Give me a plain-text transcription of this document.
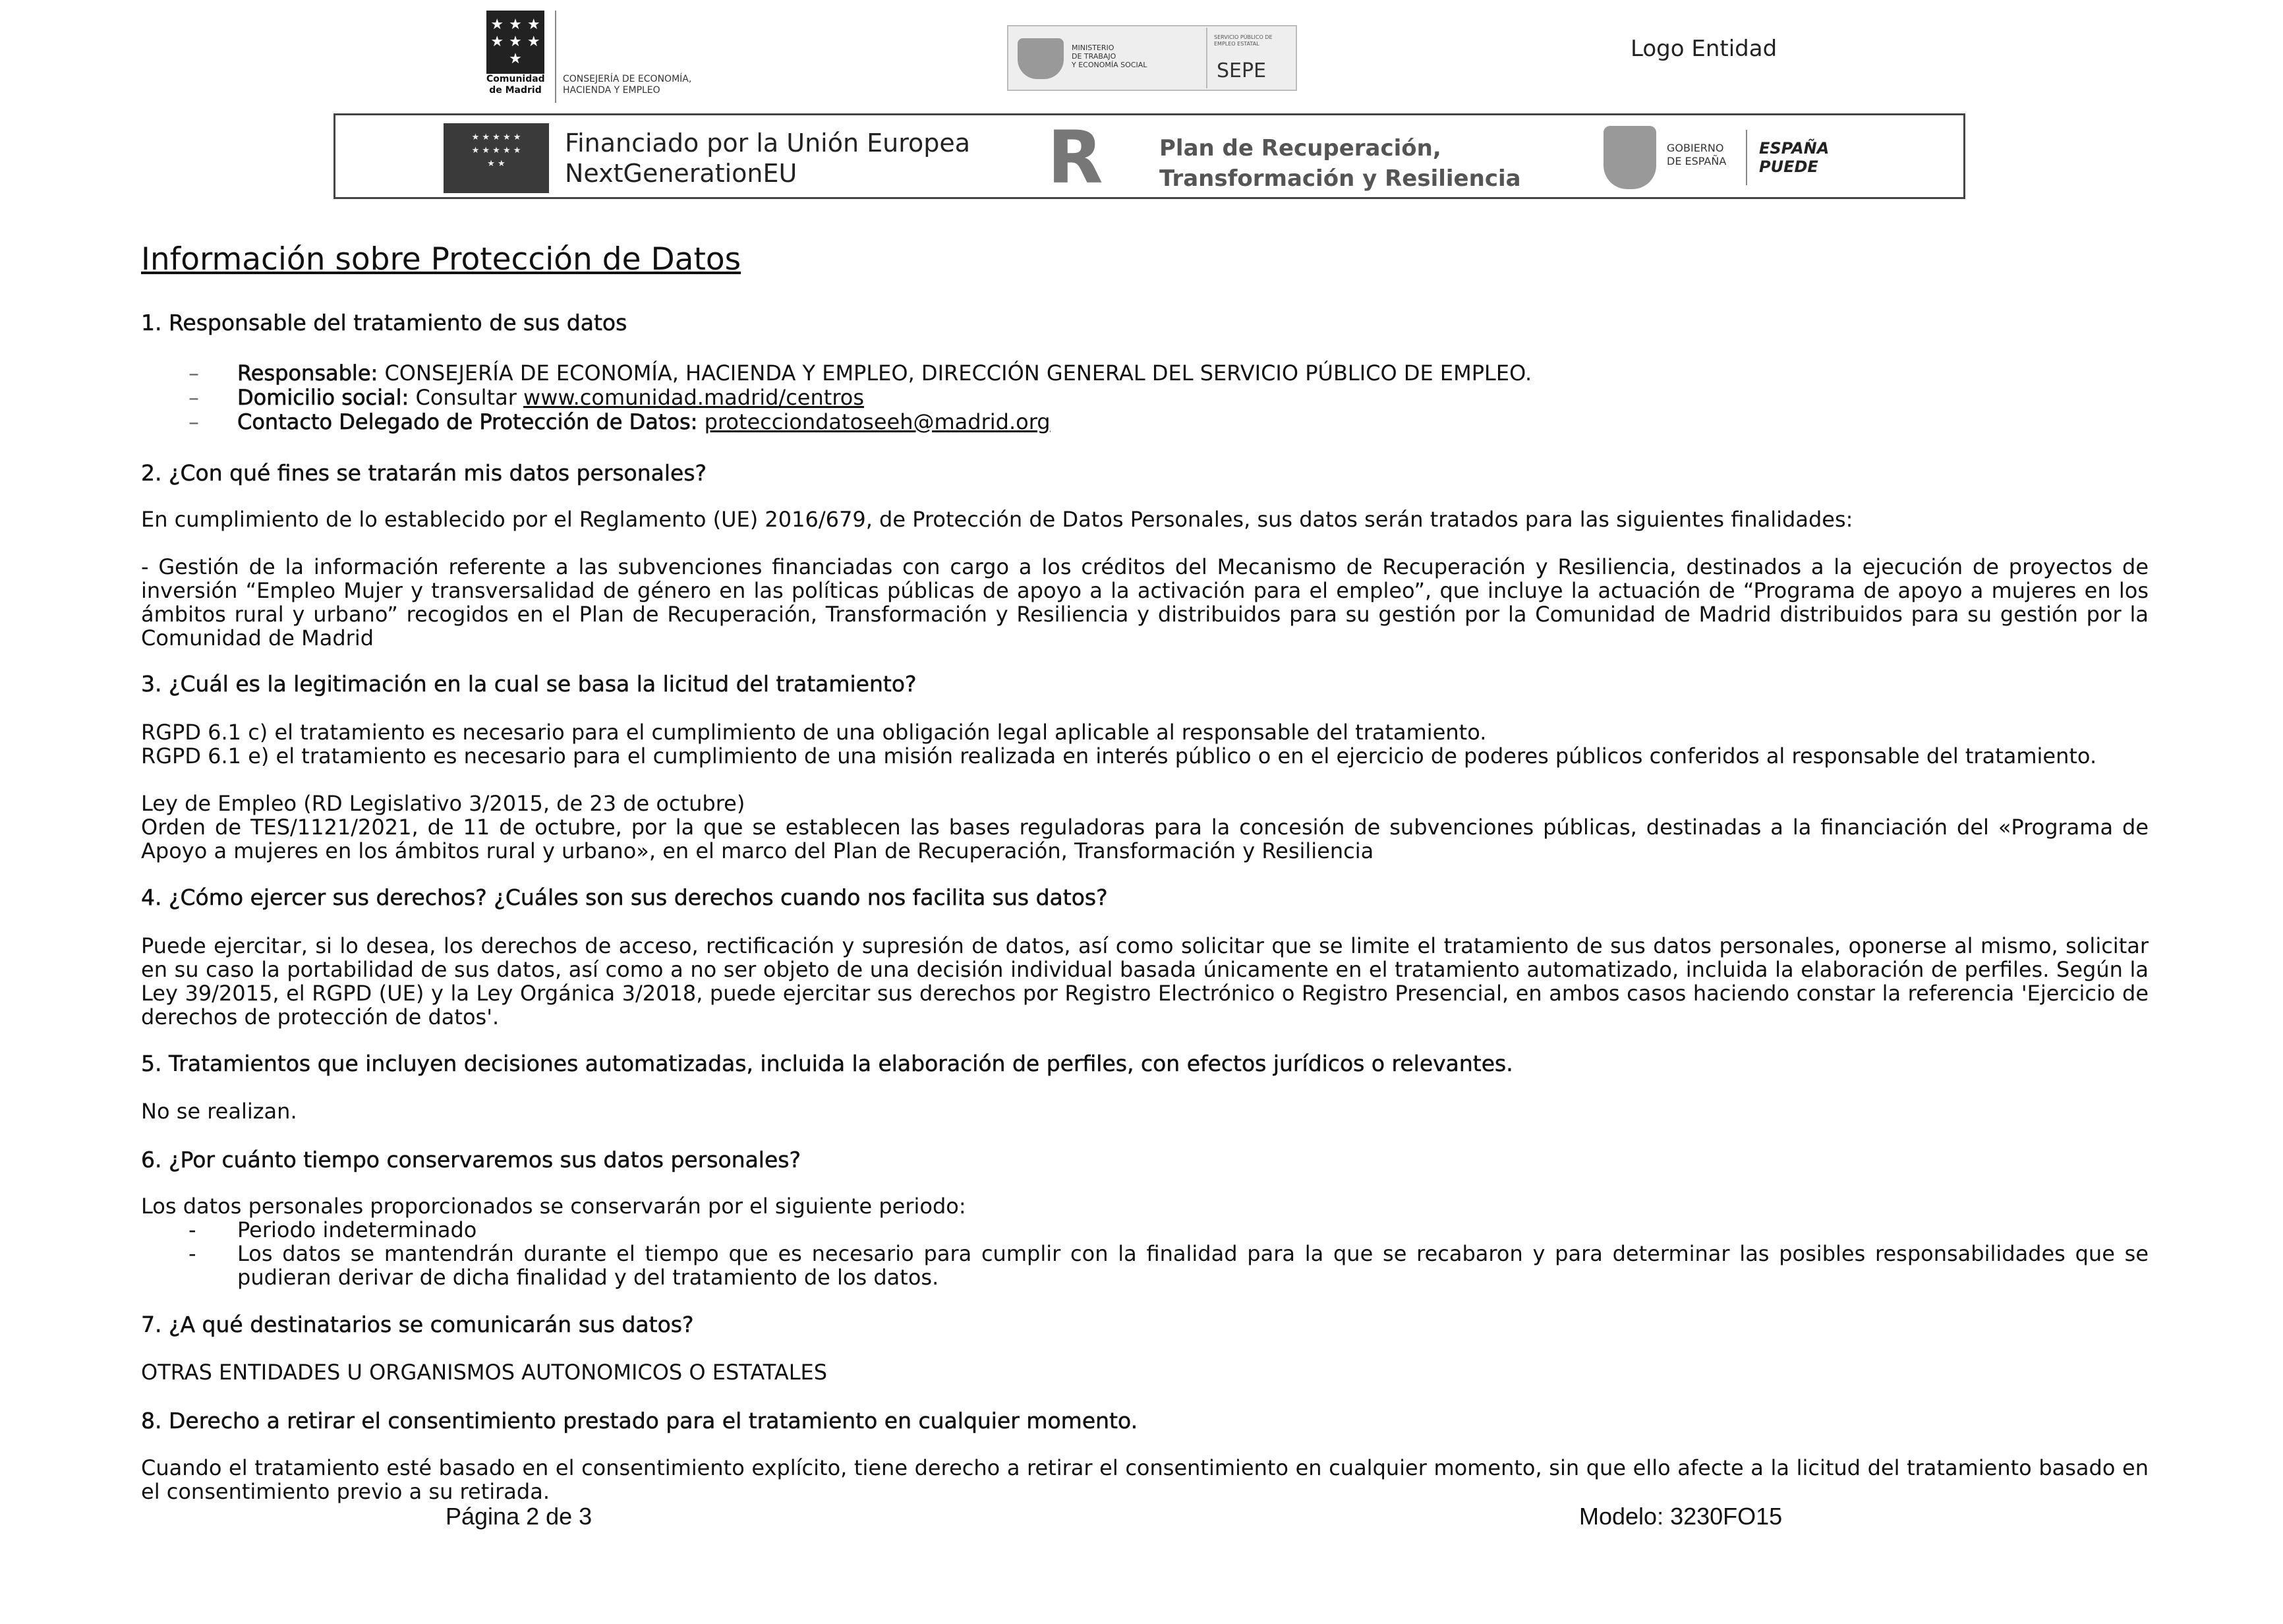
★ ★ ★
★ ★ ★
★

Comunidad
de Madrid

CONSEJERÍA DE ECONOMÍA,
HACIENDA Y EMPLEO

MINISTERIO
DE TRABAJO
Y ECONOMÍA SOCIAL

SERVICIO PÚBLICO DE EMPLEO ESTATAL

SEPE

Logo Entidad

★ ★ ★ ★ ★ ★ ★ ★ ★ ★ ★ ★

Financiado por la Unión Europea

NextGenerationEU	R	Plan de Recuperación,

Transformación y Resiliencia

GOBIERNO
DE ESPAÑA

ESPAÑA
PUEDE

Información sobre Protección de Datos
1. Responsable del tratamiento de sus datos
– Responsable: CONSEJERÍA DE ECONOMÍA, HACIENDA Y EMPLEO, DIRECCIÓN GENERAL DEL SERVICIO PÚBLICO DE EMPLEO.
– Domicilio social: Consultar www.comunidad.madrid/centros
– Contacto Delegado de Protección de Datos: protecciondatoseeh@madrid.org
2. ¿Con qué fines se tratarán mis datos personales?

En cumplimiento de lo establecido por el Reglamento (UE) 2016/679, de Protección de Datos Personales, sus datos serán tratados para las siguientes finalidades:

- Gestión de la información referente a las subvenciones financiadas con cargo a los créditos del Mecanismo de Recuperación y Resiliencia, destinados a la ejecución de proyectos de inversión “Empleo Mujer y transversalidad de género en las políticas públicas de apoyo a la activación para el empleo”, que incluye la actuación de “Programa de apoyo a mujeres en los ámbitos rural y urbano” recogidos en el Plan de Recuperación, Transformación y Resiliencia y distribuidos para su gestión por la Comunidad de Madrid distribuidos para su gestión por la Comunidad de Madrid

3. ¿Cuál es la legitimación en la cual se basa la licitud del tratamiento?

RGPD 6.1 c) el tratamiento es necesario para el cumplimiento de una obligación legal aplicable al responsable del tratamiento.

RGPD 6.1 e) el tratamiento es necesario para el cumplimiento de una misión realizada en interés público o en el ejercicio de poderes públicos conferidos al responsable del tratamiento.

Ley de Empleo (RD Legislativo 3/2015, de 23 de octubre)

Orden de TES/1121/2021, de 11 de octubre, por la que se establecen las bases reguladoras para la concesión de subvenciones públicas, destinadas a la financiación del «Programa de Apoyo a mujeres en los ámbitos rural y urbano», en el marco del Plan de Recuperación, Transformación y Resiliencia

4. ¿Cómo ejercer sus derechos? ¿Cuáles son sus derechos cuando nos facilita sus datos?

Puede ejercitar, si lo desea, los derechos de acceso, rectificación y supresión de datos, así como solicitar que se limite el tratamiento de sus datos personales, oponerse al mismo, solicitar en su caso la portabilidad de sus datos, así como a no ser objeto de una decisión individual basada únicamente en el tratamiento automatizado, incluida la elaboración de perfiles. Según la Ley 39/2015, el RGPD (UE) y la Ley Orgánica 3/2018, puede ejercitar sus derechos por Registro Electrónico o Registro Presencial, en ambos casos haciendo constar la referencia 'Ejercicio de derechos de protección de datos'.

5. Tratamientos que incluyen decisiones automatizadas, incluida la elaboración de perfiles, con efectos jurídicos o relevantes.

No se realizan.

6. ¿Por cuánto tiempo conservaremos sus datos personales?

Los datos personales proporcionados se conservarán por el siguiente periodo:

- Periodo indeterminado
- Los datos se mantendrán durante el tiempo que es necesario para cumplir con la finalidad para la que se recabaron y para determinar las posibles responsabilidades que se pudieran derivar de dicha finalidad y del tratamiento de los datos.
7. ¿A qué destinatarios se comunicarán sus datos?

OTRAS ENTIDADES U ORGANISMOS AUTONOMICOS O ESTATALES

8. Derecho a retirar el consentimiento prestado para el tratamiento en cualquier momento.

Cuando el tratamiento esté basado en el consentimiento explícito, tiene derecho a retirar el consentimiento en cualquier momento, sin que ello afecte a la licitud del tratamiento basado en el consentimiento previo a su retirada.

Página 2 de 3	Modelo: 3230FO15
